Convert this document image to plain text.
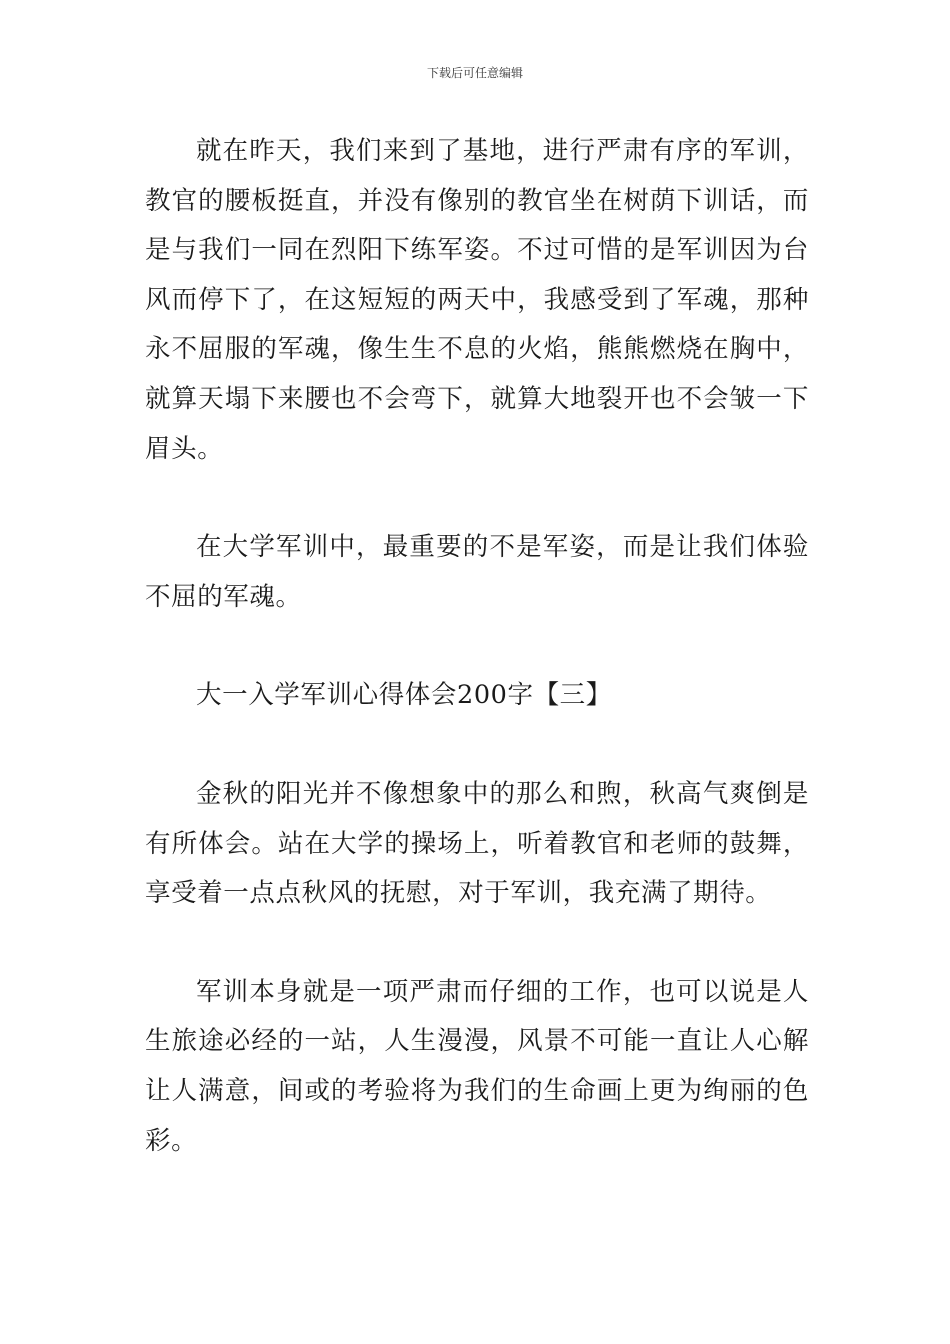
下载后可任意编辑

就在昨天，我们来到了基地，进行严肃有序的军训，教官的腰板挺直，并没有像别的教官坐在树荫下训话，而是与我们一同在烈阳下练军姿。不过可惜的是军训因为台风而停下了，在这短短的两天中，我感受到了军魂，那种永不屈服的军魂，像生生不息的火焰，熊熊燃烧在胸中，就算天塌下来腰也不会弯下，就算大地裂开也不会皱一下眉头。

在大学军训中，最重要的不是军姿，而是让我们体验不屈的军魂。

大一入学军训心得体会200字【三】

金秋的阳光并不像想象中的那么和煦，秋高气爽倒是有所体会。站在大学的操场上，听着教官和老师的鼓舞，享受着一点点秋风的抚慰，对于军训，我充满了期待。

军训本身就是一项严肃而仔细的工作，也可以说是人生旅途必经的一站，人生漫漫，风景不可能一直让人心解让人满意，间或的考验将为我们的生命画上更为绚丽的色彩。
